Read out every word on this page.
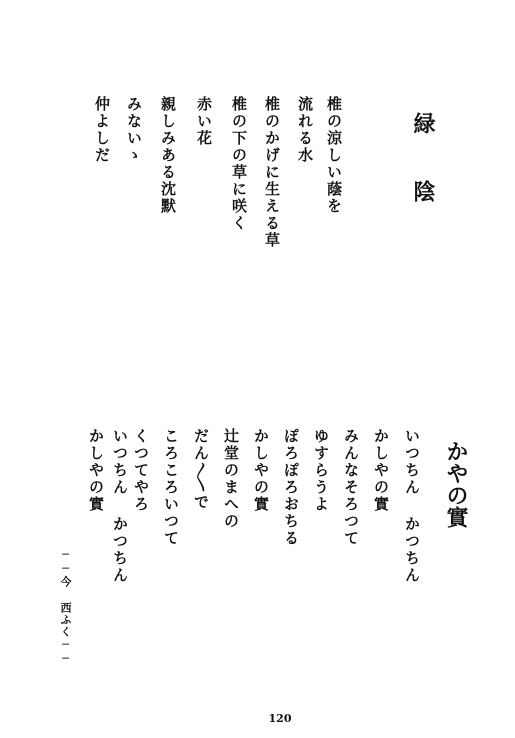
緑
陰
椎の涼しい蔭を
流れる水
椎のかげに生える草
椎の下の草に咲く
赤い花
親しみある沈默
みないゝ
仲よしだ
かやの實
いつちん かつちん
かしやの實
みんなそろつて
ゆすらうよ
ぽろぽろおちる
かしやの實
辻堂のまへの
だん〳〵で
ころころいつて
くつてやろ
いつちん かつちん
かしやの實
──今 西ふく──
120
